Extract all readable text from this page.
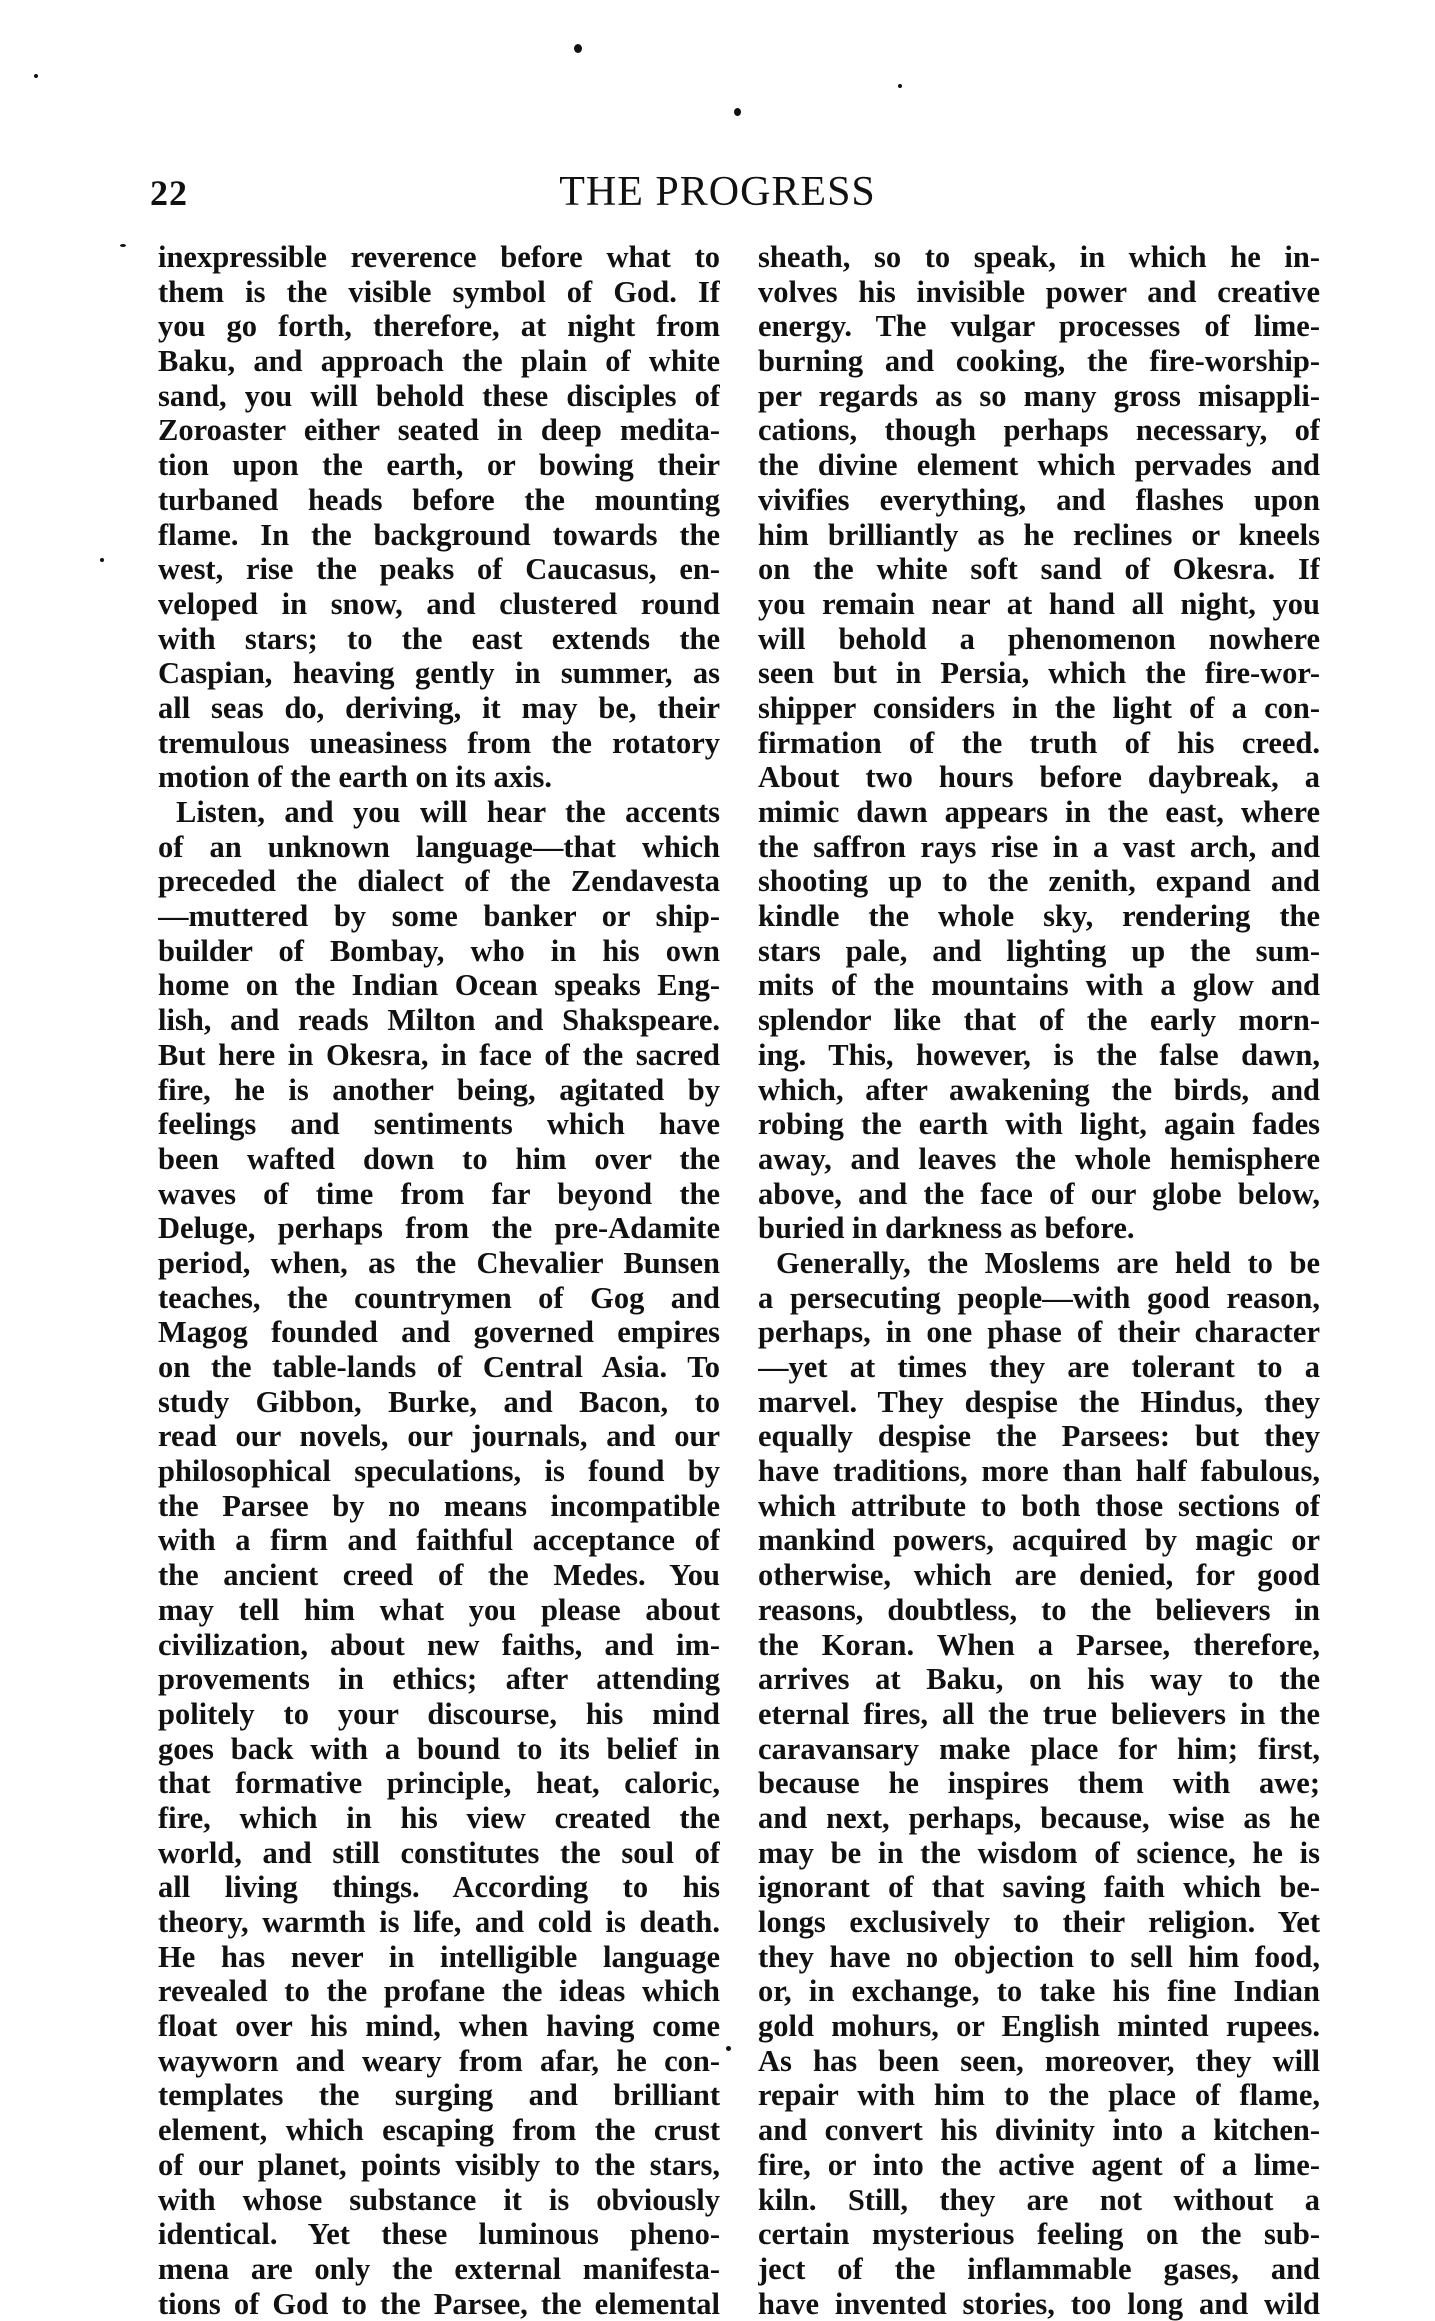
22	THE PROGRESS
inexpressible reverence before what to
them is the visible symbol of God. If
you go forth, therefore, at night from
Baku, and approach the plain of white
sand, you will behold these disciples of
Zoroaster either seated in deep medita-
tion upon the earth, or bowing their
turbaned heads before the mounting
flame. In the background towards the
west, rise the peaks of Caucasus, en-
veloped in snow, and clustered round
with stars; to the east extends the
Caspian, heaving gently in summer, as
all seas do, deriving, it may be, their
tremulous uneasiness from the rotatory
motion of the earth on its axis.
Listen, and you will hear the accents
of an unknown language—that which
preceded the dialect of the Zendavesta
—muttered by some banker or ship-
builder of Bombay, who in his own
home on the Indian Ocean speaks Eng-
lish, and reads Milton and Shakspeare.
But here in Okesra, in face of the sacred
fire, he is another being, agitated by
feelings and sentiments which have
been wafted down to him over the
waves of time from far beyond the
Deluge, perhaps from the pre-Adamite
period, when, as the Chevalier Bunsen
teaches, the countrymen of Gog and
Magog founded and governed empires
on the table-lands of Central Asia. To
study Gibbon, Burke, and Bacon, to
read our novels, our journals, and our
philosophical speculations, is found by
the Parsee by no means incompatible
with a firm and faithful acceptance of
the ancient creed of the Medes. You
may tell him what you please about
civilization, about new faiths, and im-
provements in ethics; after attending
politely to your discourse, his mind
goes back with a bound to its belief in
that formative principle, heat, caloric,
fire, which in his view created the
world, and still constitutes the soul of
all living things. According to his
theory, warmth is life, and cold is death.
He has never in intelligible language
revealed to the profane the ideas which
float over his mind, when having come
wayworn and weary from afar, he con-
templates the surging and brilliant
element, which escaping from the crust
of our planet, points visibly to the stars,
with whose substance it is obviously
identical. Yet these luminous pheno-
mena are only the external manifesta-
tions of God to the Parsee, the elemental
sheath, so to speak, in which he in-
volves his invisible power and creative
energy. The vulgar processes of lime-
burning and cooking, the fire-worship-
per regards as so many gross misappli-
cations, though perhaps necessary, of
the divine element which pervades and
vivifies everything, and flashes upon
him brilliantly as he reclines or kneels
on the white soft sand of Okesra. If
you remain near at hand all night, you
will behold a phenomenon nowhere
seen but in Persia, which the fire-wor-
shipper considers in the light of a con-
firmation of the truth of his creed.
About two hours before daybreak, a
mimic dawn appears in the east, where
the saffron rays rise in a vast arch, and
shooting up to the zenith, expand and
kindle the whole sky, rendering the
stars pale, and lighting up the sum-
mits of the mountains with a glow and
splendor like that of the early morn-
ing. This, however, is the false dawn,
which, after awakening the birds, and
robing the earth with light, again fades
away, and leaves the whole hemisphere
above, and the face of our globe below,
buried in darkness as before.
Generally, the Moslems are held to be
a persecuting people—with good reason,
perhaps, in one phase of their character
—yet at times they are tolerant to a
marvel. They despise the Hindus, they
equally despise the Parsees: but they
have traditions, more than half fabulous,
which attribute to both those sections of
mankind powers, acquired by magic or
otherwise, which are denied, for good
reasons, doubtless, to the believers in
the Koran. When a Parsee, therefore,
arrives at Baku, on his way to the
eternal fires, all the true believers in the
caravansary make place for him; first,
because he inspires them with awe;
and next, perhaps, because, wise as he
may be in the wisdom of science, he is
ignorant of that saving faith which be-
longs exclusively to their religion. Yet
they have no objection to sell him food,
or, in exchange, to take his fine Indian
gold mohurs, or English minted rupees.
As has been seen, moreover, they will
repair with him to the place of flame,
and convert his divinity into a kitchen-
fire, or into the active agent of a lime-
kiln. Still, they are not without a
certain mysterious feeling on the sub-
ject of the inflammable gases, and
have invented stories, too long and wild
